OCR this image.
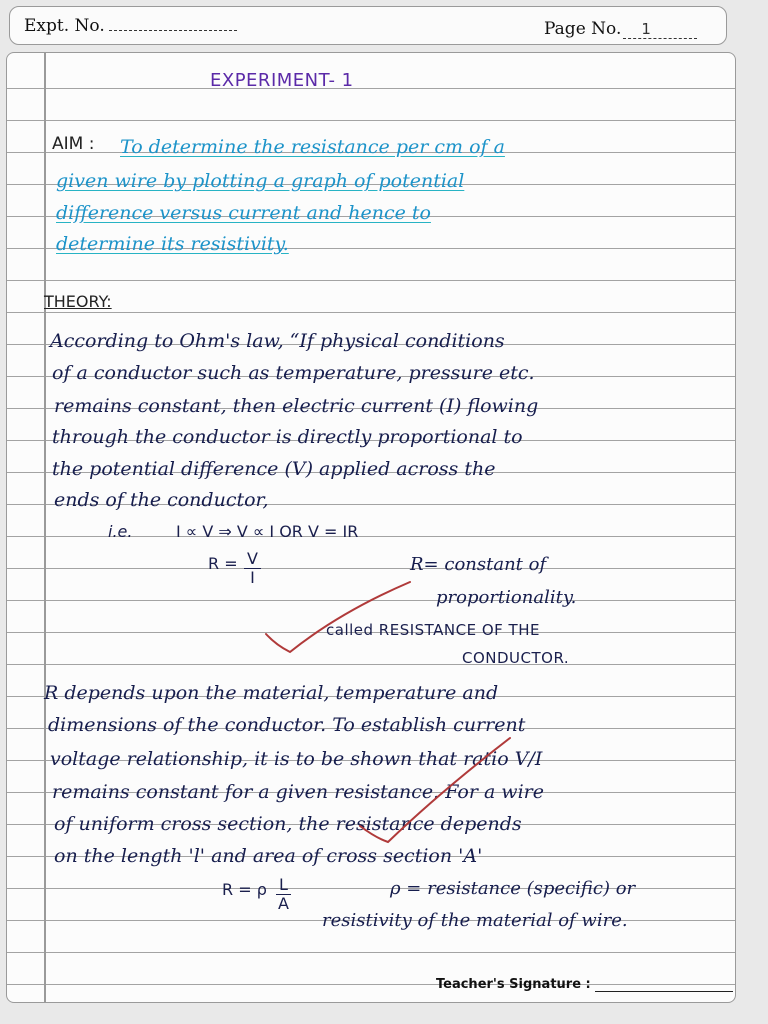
Expt. No.	Page No. 1
EXPERIMENT- 1
AIM : To determine the resistance per cm of a
given wire by plotting a graph of potential
difference versus current and hence to
determine its resistivity.
THEORY:
According to Ohm's law, “If physical conditions
of a conductor such as temperature, pressure etc.
remains constant, then electric current (I) flowing
through the conductor is directly proportional to
the potential difference (V) applied across the
ends of the conductor,
i.e.	I ∝ V ⇒ V ∝ I OR V = IR
$R = \frac{V}{I}$	R= constant of
proportionality.
called RESISTANCE OF THE
CONDUCTOR.
R depends upon the material, temperature and
dimensions of the conductor. To establish current
voltage relationship, it is to be shown that ratio V/I
remains constant for a given resistance. For a wire
of uniform cross section, the resistance depends
on the length 'l' and area of cross section 'A'
R = ρ $\frac{L}{A}$	ρ = resistance (specific) or
resistivity of the material of wire.
Teacher's Signature :
